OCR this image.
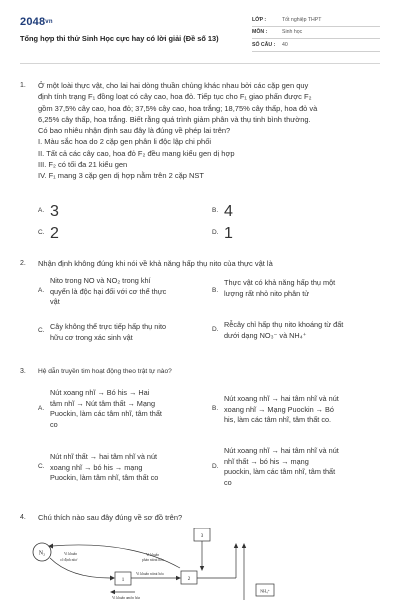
2048vn
Tổng hợp thi thử Sinh Học cực hay có lời giải (Đề số 13)
LỚP :	Tốt nghiệp THPT
MÔN :	Sinh học
SỐ CÂU :	40
1.	Ở một loài thực vật, cho lai hai dòng thuần chủng khác nhau bởi các cặp gen quy
định tính trạng F₁ đồng loạt có cây cao, hoa đỏ. Tiếp tục cho F₁ giao phấn được F₂
gồm 37,5% cây cao, hoa đỏ; 37,5% cây cao, hoa trắng; 18,75% cây thấp, hoa đỏ và
6,25% cây thấp, hoa trắng. Biết rằng quá trình giảm phân và thụ tinh bình thường.
Có bao nhiêu nhận định sau đây là đúng về phép lai trên?
I. Màu sắc hoa do 2 cặp gen phân li độc lập chi phối
II. Tất cả các cây cao, hoa đỏ F₂ đều mang kiểu gen dị hợp
III. F₂ có tối đa 21 kiểu gen
IV. F₁ mang 3 cặp gen dị hợp nằm trên 2 cặp NST
A. 3	B. 4
C. 2	D. 1
2.	Nhận định không đúng khi nói về khả năng hấp thụ nito của thực vật là
A.
Nito trong NO và NO₂ trong khí
quyển là độc hại đối với cơ thể thực
vật
B.
Thực vật có khả năng hấp thụ một
lượng rất nhỏ nito phân tử
C. Cây không thể trực tiếp hấp thụ nito
hữu cơ trong xác sinh vật
D.
Rễcây chỉ hấp thụ nito khoáng từ đất
dưới dạng NO₃⁻ và NH₄⁺
3.	Hệ dẫn truyền tim hoạt động theo trật tự nào?
A.
Nút xoang nhĩ → Bó his → Hai
tâm nhĩ → Nút tâm thất → Mạng
Puockin, làm các tâm nhĩ, tâm thất
co
B.
Nút xoang nhĩ → hai tâm nhĩ và nút
xoang nhĩ → Mạng Puockin → Bó
his, làm các tâm nhĩ, tâm thất co.
C.
Nút nhĩ thất → hai tâm nhĩ và nút
xoang nhĩ → bó his → mạng
Puockin, làm tâm nhĩ, tâm thất co
D.
Nút xoang nhĩ → hai tâm nhĩ và nút
nhĩ thất → bó his → mạng
puockin, làm các tâm nhĩ, tâm thất
co
4.	Chú thích nào sau đây đúng về sơ đồ trên?
N₂	Vi khuẩn
cố định nitơ
Vi khuẩn
phản nitrat hóa
1
Vi khuẩn nitrat hóa
2
3
NH₄⁺
Vi khuẩn amôn hóa
